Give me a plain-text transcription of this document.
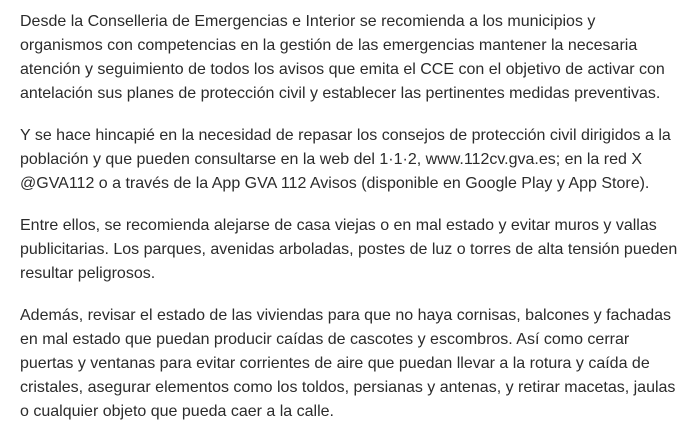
Desde la Conselleria de Emergencias e Interior se recomienda a los municipios y organismos con competencias en la gestión de las emergencias mantener la necesaria atención y seguimiento de todos los avisos que emita el CCE con el objetivo de activar con antelación sus planes de protección civil y establecer las pertinentes medidas preventivas.

Y se hace hincapié en la necesidad de repasar los consejos de protección civil dirigidos a la población y que pueden consultarse en la web del 1·1·2, www.112cv.gva.es; en la red X @GVA112 o a través de la App GVA 112 Avisos (disponible en Google Play y App Store).

Entre ellos, se recomienda alejarse de casa viejas o en mal estado y evitar muros y vallas publicitarias. Los parques, avenidas arboladas, postes de luz o torres de alta tensión pueden resultar peligrosos.

Además, revisar el estado de las viviendas para que no haya cornisas, balcones y fachadas en mal estado que puedan producir caídas de cascotes y escombros. Así como cerrar puertas y ventanas para evitar corrientes de aire que puedan llevar a la rotura y caída de cristales, asegurar elementos como los toldos, persianas y antenas, y retirar macetas, jaulas o cualquier objeto que pueda caer a la calle.
